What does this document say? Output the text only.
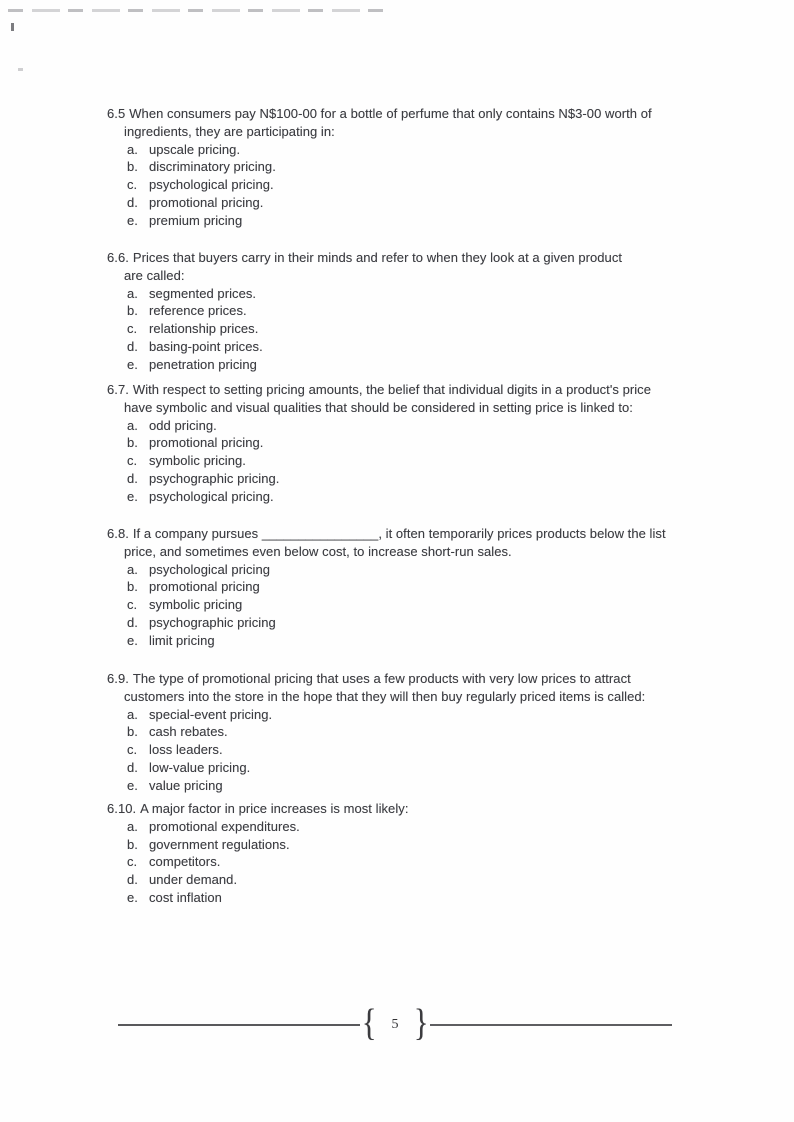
6.5 When consumers pay N$100-00 for a bottle of perfume that only contains N$3-00 worth of
ingredients, they are participating in:
a. upscale pricing.
b. discriminatory pricing.
c. psychological pricing.
d. promotional pricing.
e. premium pricing
6.6. Prices that buyers carry in their minds and refer to when they look at a given product
are called:
a. segmented prices.
b. reference prices.
c. relationship prices.
d. basing-point prices.
e. penetration pricing
6.7. With respect to setting pricing amounts, the belief that individual digits in a product's price
have symbolic and visual qualities that should be considered in setting price is linked to:
a. odd pricing.
b. promotional pricing.
c. symbolic pricing.
d. psychographic pricing.
e. psychological pricing.
6.8. If a company pursues ________________, it often temporarily prices products below the list
price, and sometimes even below cost, to increase short-run sales.
a. psychological pricing
b. promotional pricing
c. symbolic pricing
d. psychographic pricing
e. limit pricing
6.9. The type of promotional pricing that uses a few products with very low prices to attract
customers into the store in the hope that they will then buy regularly priced items is called:
a. special-event pricing.
b. cash rebates.
c. loss leaders.
d. low-value pricing.
e. value pricing
6.10. A major factor in price increases is most likely:
a. promotional expenditures.
b. government regulations.
c. competitors.
d. under demand.
e. cost inflation
{ 5 }
